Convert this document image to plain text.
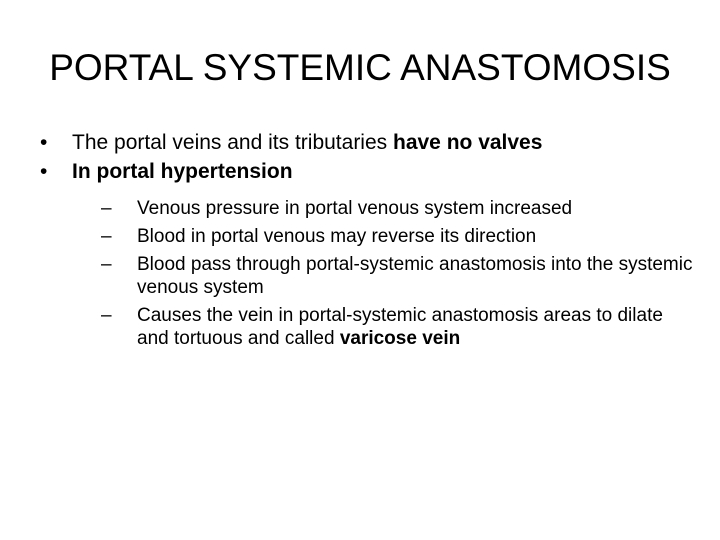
PORTAL SYSTEMIC ANASTOMOSIS
• The portal veins and its tributaries have no valves
• In portal hypertension
– Venous pressure in portal venous system increased
– Blood in portal venous may reverse its direction
– Blood pass through portal-systemic anastomosis into the systemic venous system
– Causes the vein in portal-systemic anastomosis areas to dilate and tortuous and called varicose vein
